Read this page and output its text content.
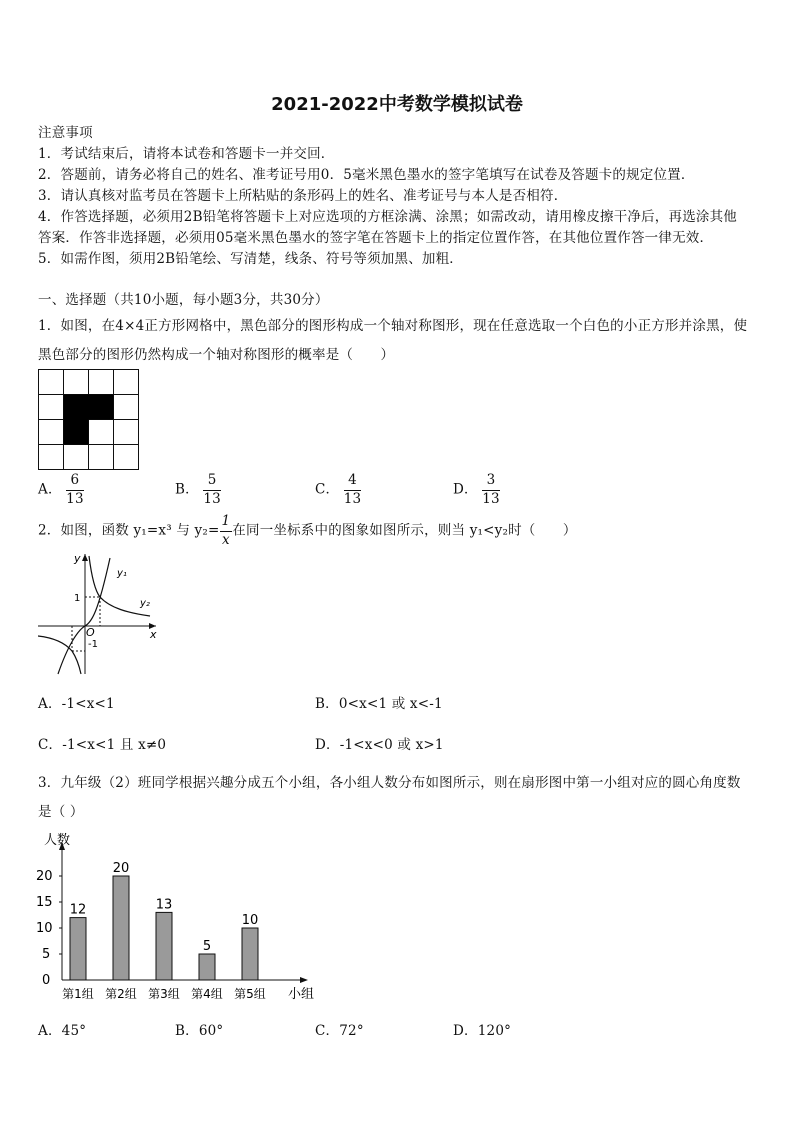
2021-2022中考数学模拟试卷
注意事项
1．考试结束后，请将本试卷和答题卡一并交回．
2．答题前，请务必将自己的姓名、准考证号用0．5毫米黑色墨水的签字笔填写在试卷及答题卡的规定位置．
3．请认真核对监考员在答题卡上所粘贴的条形码上的姓名、准考证号与本人是否相符．
4．作答选择题，必须用2B铅笔将答题卡上对应选项的方框涂满、涂黑；如需改动，请用橡皮擦干净后，再选涂其他
答案．作答非选择题，必须用05毫米黑色墨水的签字笔在答题卡上的指定位置作答，在其他位置作答一律无效．
5．如需作图，须用2B铅笔绘、写清楚，线条、符号等须加黑、加粗．
一、选择题（共10小题，每小题3分，共30分）
1．如图，在4×4正方形网格中，黑色部分的图形构成一个轴对称图形，现在任意选取一个白色的小正方形并涂黑，使
黑色部分的图形仍然构成一个轴对称图形的概率是（　　）
A． $\frac{6}{13}$	B． $\frac{5}{13}$	C． $\frac{4}{13}$	D． $\frac{3}{13}$
2．如图，函数 y₁=x³ 与 $y_2= \frac{1}{x}$ 在同一坐标系中的图象如图所示，则当 y₁<y₂时（　　）
y
x
O
1
-1
y₁
y₂
A．-1<x<1	B．0<x<1 或 x<-1
C．-1<x<1 且 x≠0	D．-1<x<0 或 x>1
3．九年级（2）班同学根据兴趣分成五个小组，各小组人数分布如图所示，则在扇形图中第一小组对应的圆心角度数
是（ ）
人数
小组
0
5
10
15
20
12
第1组
20
第2组
13
第3组
5
第4组
10
第5组
A．45°	B．60°	C．72°	D．120°
